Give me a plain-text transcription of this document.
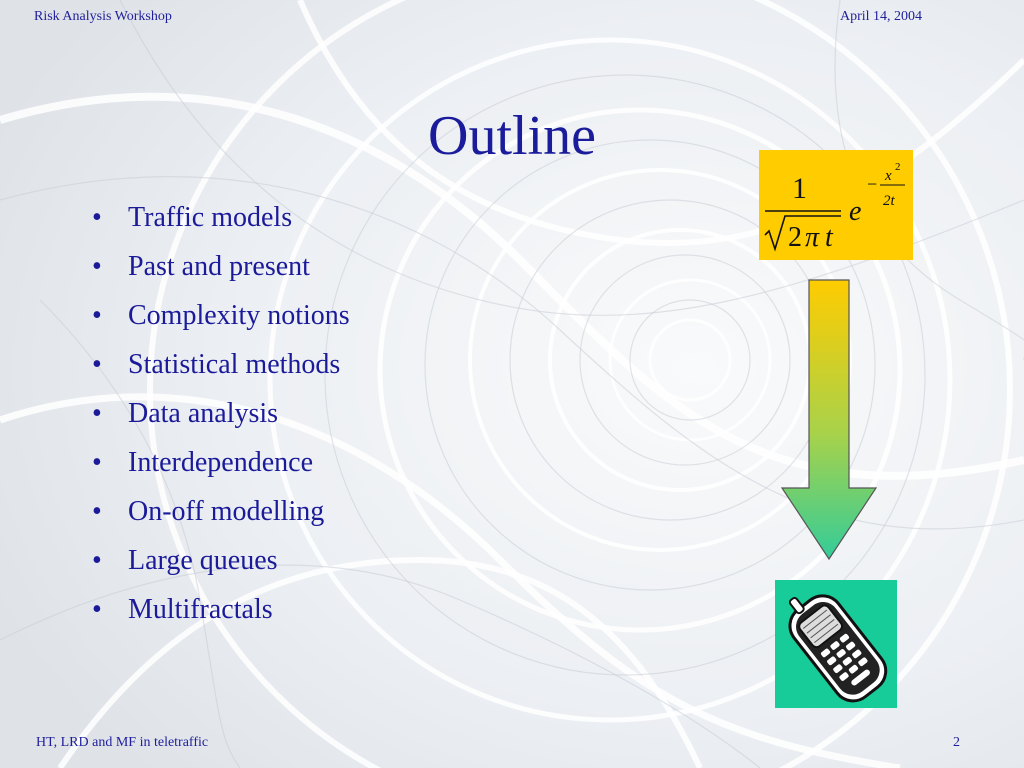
Risk Analysis Workshop	April 14, 2004
Outline
• Traffic models
• Past and present
• Complexity notions
• Statistical methods
• Data analysis
• Interdependence
• On-off modelling
• Large queues
• Multifractals
1
2 π t
e
− x
2
2t
HT, LRD and MF in teletraffic	2
